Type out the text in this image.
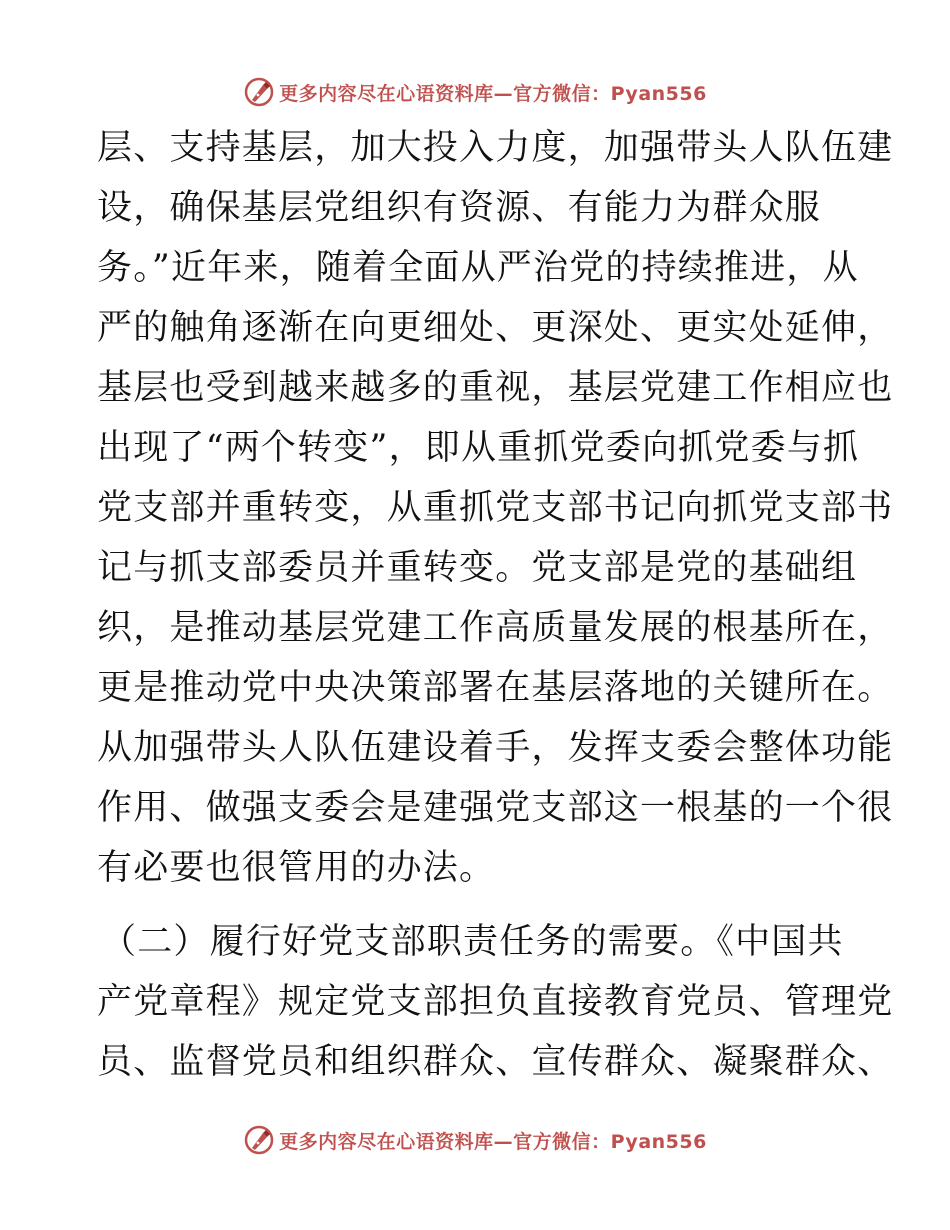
更多内容尽在心语资料库—官方微信：Pyan556
层、支持基层，加大投入力度，加强带头人队伍建
设，确保基层党组织有资源、有能力为群众服
务。”近年来，随着全面从严治党的持续推进，从
严的触角逐渐在向更细处、更深处、更实处延伸，
基层也受到越来越多的重视，基层党建工作相应也
出现了“两个转变”，即从重抓党委向抓党委与抓
党支部并重转变，从重抓党支部书记向抓党支部书
记与抓支部委员并重转变。党支部是党的基础组
织，是推动基层党建工作高质量发展的根基所在，
更是推动党中央决策部署在基层落地的关键所在。
从加强带头人队伍建设着手，发挥支委会整体功能
作用、做强支委会是建强党支部这一根基的一个很
有必要也很管用的办法。
（二）履行好党支部职责任务的需要。《中国共
产党章程》规定党支部担负直接教育党员、管理党
员、监督党员和组织群众、宣传群众、凝聚群众、
更多内容尽在心语资料库—官方微信：Pyan556
